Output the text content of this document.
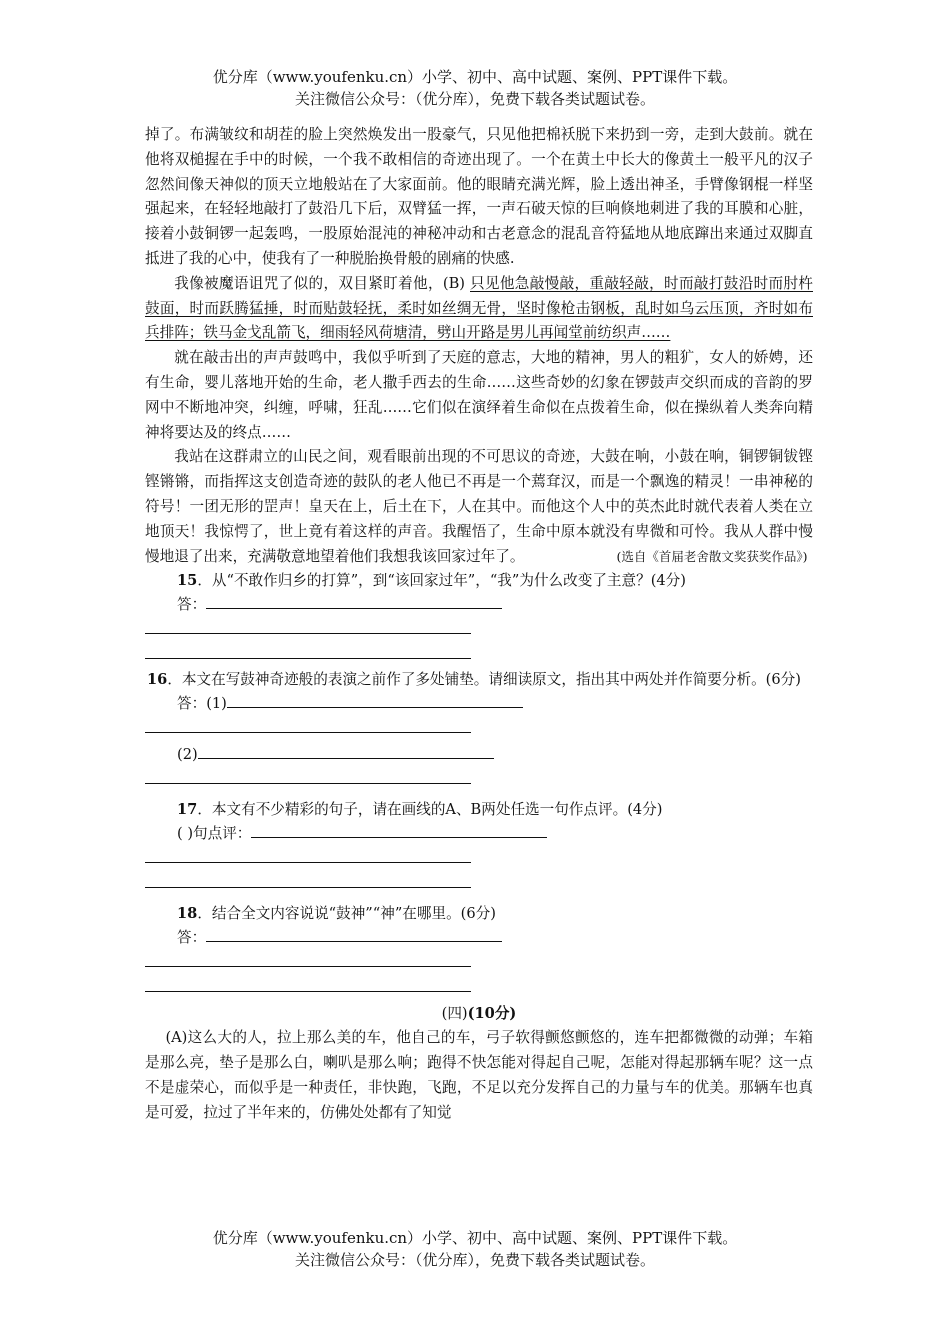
优分库（www.youfenku.cn）小学、初中、高中试题、案例、PPT课件下载。
关注微信公众号：（优分库），免费下载各类试题试卷。

掉了。布满皱纹和胡茬的脸上突然焕发出一股豪气，只见他把棉袄脱下来扔到一旁，走到大鼓前。就在他将双槌握在手中的时候，一个我不敢相信的奇迹出现了。一个在黄土中长大的像黄土一般平凡的汉子忽然间像天神似的顶天立地般站在了大家面前。他的眼睛充满光辉，脸上透出神圣，手臂像钢棍一样坚强起来，在轻轻地敲打了鼓沿几下后，双臂猛一挥，一声石破天惊的巨响倏地刺进了我的耳膜和心脏，接着小鼓铜锣一起轰鸣，一股原始混沌的神秘冲动和古老意念的混乱音符猛地从地底蹿出来通过双脚直抵进了我的心中，使我有了一种脱胎换骨般的剧痛的快感.

我像被魔语诅咒了似的，双目紧盯着他，(B) 只见他急敲慢敲，重敲轻敲，时而敲打鼓沿时而肘杵鼓面，时而跃腾猛捶，时而贴鼓轻抚，柔时如丝绸无骨，坚时像枪击钢板，乱时如乌云压顶，齐时如布兵排阵；铁马金戈乱箭飞，细雨轻风荷塘清，劈山开路是男儿再闻堂前纺织声……

就在敲击出的声声鼓鸣中，我似乎听到了天庭的意志，大地的精神，男人的粗犷，女人的娇娉，还有生命，婴儿落地开始的生命，老人撒手西去的生命……这些奇妙的幻象在锣鼓声交织而成的音韵的罗网中不断地冲突，纠缠，呼啸，狂乱……它们似在演绎着生命似在点拨着生命，似在操纵着人类奔向精神将要达及的终点……

我站在这群肃立的山民之间，观看眼前出现的不可思议的奇迹，大鼓在响，小鼓在响，铜锣铜钹铿铿锵锵，而指挥这支创造奇迹的鼓队的老人他已不再是一个蔫耷汉，而是一个飘逸的精灵！一串神秘的符号！一团无形的罡声！皇天在上，后土在下，人在其中。而他这个人中的英杰此时就代表着人类在立地顶天！我惊愕了，世上竟有着这样的声音。我醒悟了，生命中原本就没有卑微和可怜。我从人群中慢慢地退了出来，充满敬意地望着他们我想我该回家过年了。	(选自《首届老舍散文奖获奖作品》)

15．从“不敢作归乡的打算”，到“该回家过年”，“我”为什么改变了主意？(4分)

答：

16．本文在写鼓神奇迹般的表演之前作了多处铺垫。请细读原文，指出其中两处并作简要分析。(6分)

答：(1)

(2)

17．本文有不少精彩的句子，请在画线的A、B两处任选一句作点评。(4分)

( )句点评：

18．结合全文内容说说“鼓神”“神”在哪里。(6分)

答：

(四)(10分)

(A)这么大的人，拉上那么美的车，他自己的车，弓子软得颤悠颤悠的，连车把都微微的动弹；车箱是那么亮，垫子是那么白，喇叭是那么响；跑得不快怎能对得起自己呢，怎能对得起那辆车呢？这一点不是虚荣心，而似乎是一种责任，非快跑，飞跑，不足以充分发挥自己的力量与车的优美。那辆车也真是可爱，拉过了半年来的，仿佛处处都有了知觉

优分库（www.youfenku.cn）小学、初中、高中试题、案例、PPT课件下载。
关注微信公众号：（优分库），免费下载各类试题试卷。
